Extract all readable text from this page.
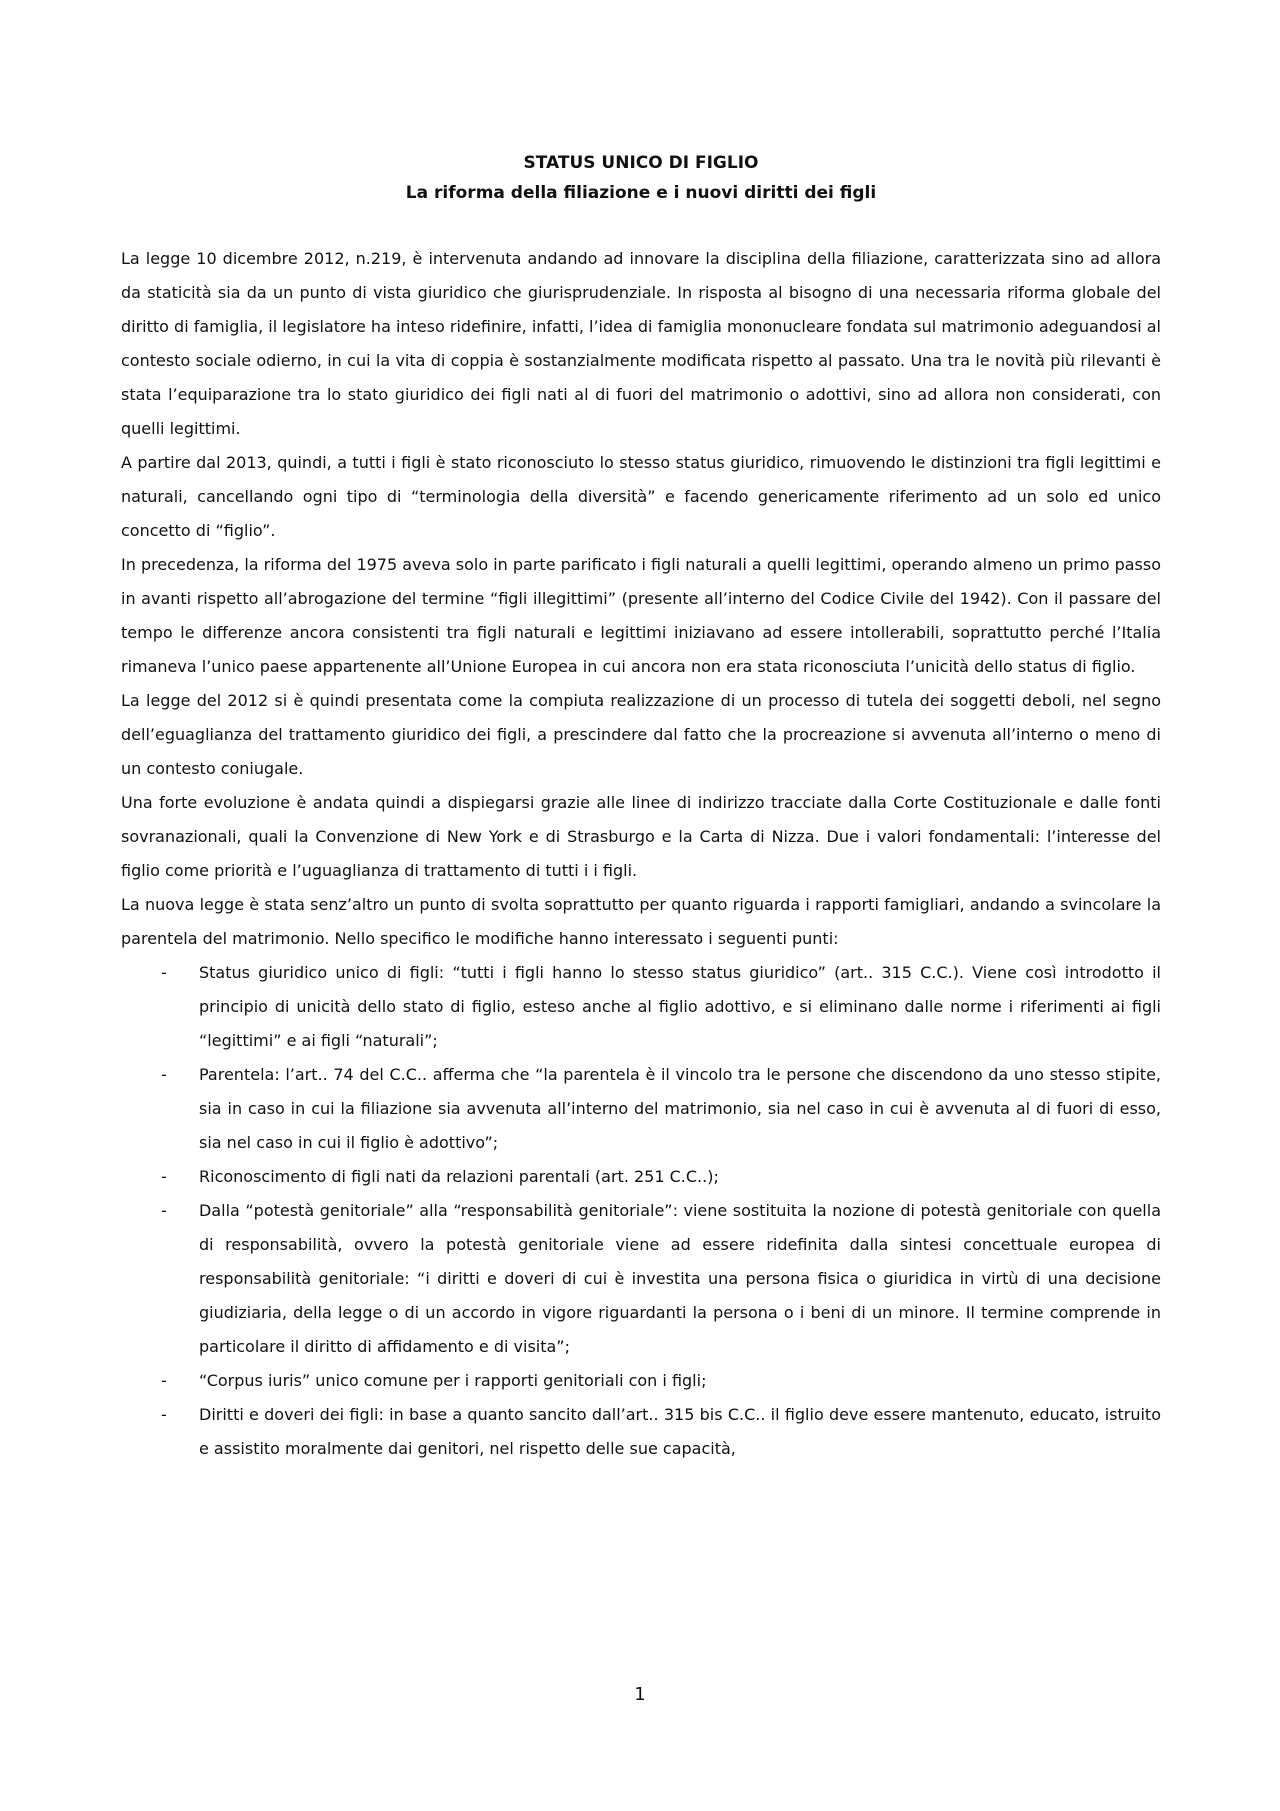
STATUS UNICO DI FIGLIO

La riforma della filiazione e i nuovi diritti dei figli

La legge 10 dicembre 2012, n.219, è intervenuta andando ad innovare la disciplina della filiazione, caratterizzata sino ad allora da staticità sia da un punto di vista giuridico che giurisprudenziale. In risposta al bisogno di una necessaria riforma globale del diritto di famiglia, il legislatore ha inteso ridefinire, infatti, l’idea di famiglia mononucleare fondata sul matrimonio adeguandosi al contesto sociale odierno, in cui la vita di coppia è sostanzialmente modificata rispetto al passato. Una tra le novità più rilevanti è stata l’equiparazione tra lo stato giuridico dei figli nati al di fuori del matrimonio o adottivi, sino ad allora non considerati, con quelli legittimi.

A partire dal 2013, quindi, a tutti i figli è stato riconosciuto lo stesso status giuridico, rimuovendo le distinzioni tra figli legittimi e naturali, cancellando ogni tipo di “terminologia della diversità” e facendo genericamente riferimento ad un solo ed unico concetto di “figlio”.

In precedenza, la riforma del 1975 aveva solo in parte parificato i figli naturali a quelli legittimi, operando almeno un primo passo in avanti rispetto all’abrogazione del termine “figli illegittimi” (presente all’interno del Codice Civile del 1942). Con il passare del tempo le differenze ancora consistenti tra figli naturali e legittimi iniziavano ad essere intollerabili, soprattutto perché l’Italia rimaneva l’unico paese appartenente all’Unione Europea in cui ancora non era stata riconosciuta l’unicità dello status di figlio.

La legge del 2012 si è quindi presentata come la compiuta realizzazione di un processo di tutela dei soggetti deboli, nel segno dell’eguaglianza del trattamento giuridico dei figli, a prescindere dal fatto che la procreazione si avvenuta all’interno o meno di un contesto coniugale.

Una forte evoluzione è andata quindi a dispiegarsi grazie alle linee di indirizzo tracciate dalla Corte Costituzionale e dalle fonti sovranazionali, quali la Convenzione di New York e di Strasburgo e la Carta di Nizza. Due i valori fondamentali: l’interesse del figlio come priorità e l’uguaglianza di trattamento di tutti i i figli.

La nuova legge è stata senz’altro un punto di svolta soprattutto per quanto riguarda i rapporti famigliari, andando a svincolare la parentela del matrimonio. Nello specifico le modifiche hanno interessato i seguenti punti:

- Status giuridico unico di figli: “tutti i figli hanno lo stesso status giuridico” (art.. 315 C.C.). Viene così introdotto il principio di unicità dello stato di figlio, esteso anche al figlio adottivo, e si eliminano dalle norme i riferimenti ai figli “legittimi” e ai figli “naturali”;
- Parentela: l’art.. 74 del C.C.. afferma che “la parentela è il vincolo tra le persone che discendono da uno stesso stipite, sia in caso in cui la filiazione sia avvenuta all’interno del matrimonio, sia nel caso in cui è avvenuta al di fuori di esso, sia nel caso in cui il figlio è adottivo”;
- Riconoscimento di figli nati da relazioni parentali (art. 251 C.C..);
- Dalla “potestà genitoriale” alla “responsabilità genitoriale”: viene sostituita la nozione di potestà genitoriale con quella di responsabilità, ovvero la potestà genitoriale viene ad essere ridefinita dalla sintesi concettuale europea di responsabilità genitoriale: “i diritti e doveri di cui è investita una persona fisica o giuridica in virtù di una decisione giudiziaria, della legge o di un accordo in vigore riguardanti la persona o i beni di un minore. Il termine comprende in particolare il diritto di affidamento e di visita”;
- “Corpus iuris” unico comune per i rapporti genitoriali con i figli;
- Diritti e doveri dei figli: in base a quanto sancito dall’art.. 315 bis C.C.. il figlio deve essere mantenuto, educato, istruito e assistito moralmente dai genitori, nel rispetto delle sue capacità,
1
